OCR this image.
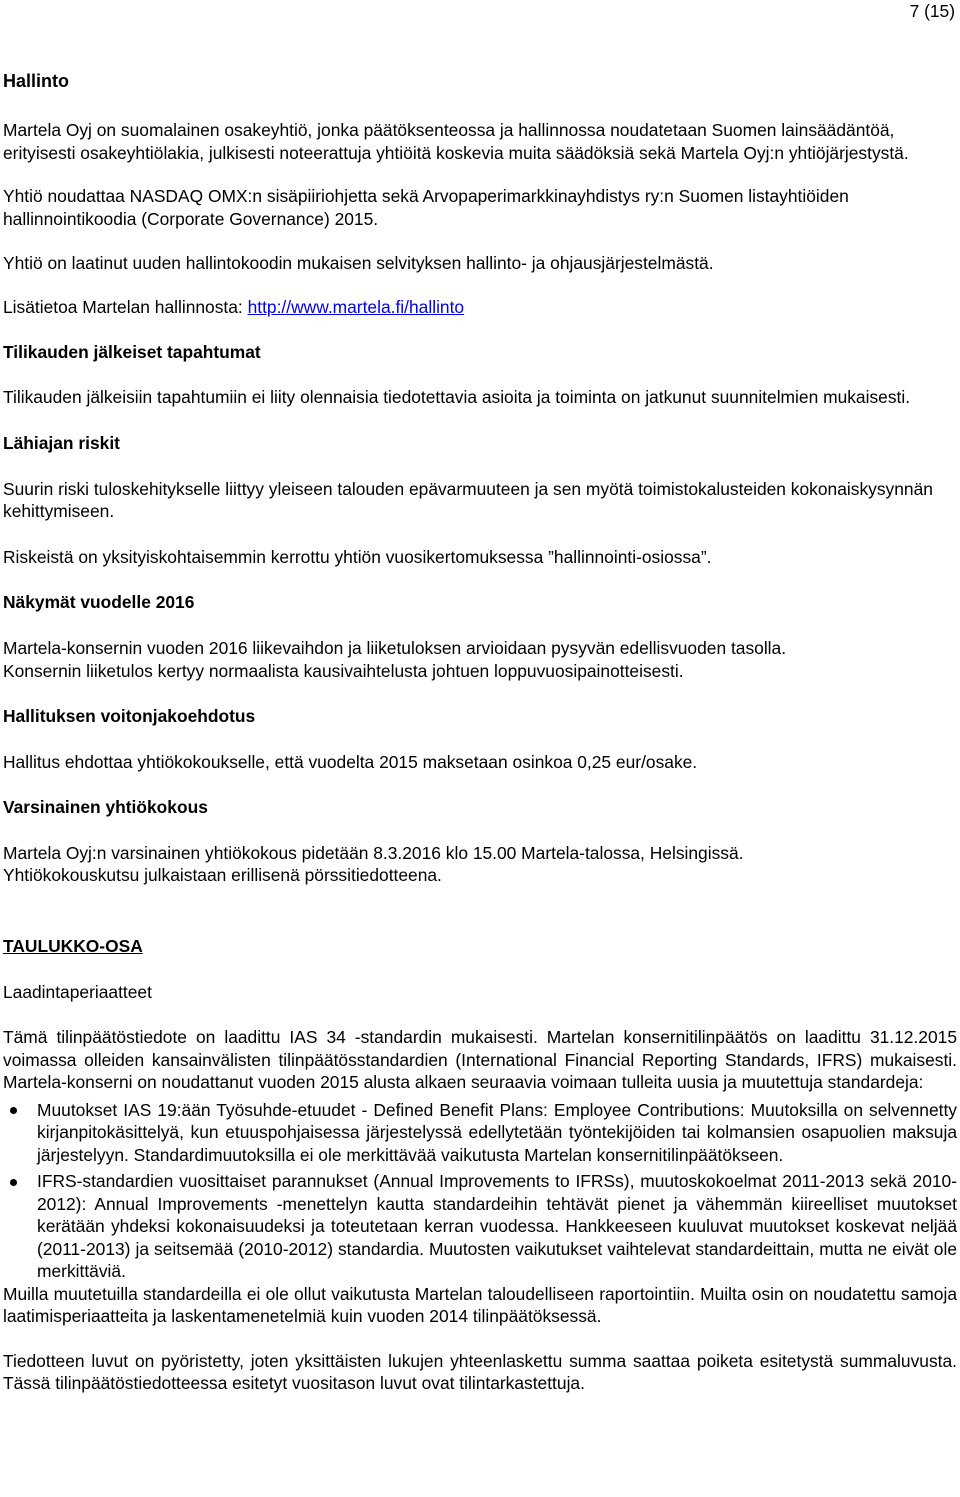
7 (15)
Hallinto

Martela Oyj on suomalainen osakeyhtiö, jonka päätöksenteossa ja hallinnossa noudatetaan Suomen lainsäädäntöä, erityisesti osakeyhtiölakia, julkisesti noteerattuja yhtiöitä koskevia muita säädöksiä sekä Martela Oyj:n yhtiöjärjestystä.

Yhtiö noudattaa NASDAQ OMX:n sisäpiiriohjetta sekä Arvopaperimarkkinayhdistys ry:n Suomen listayhtiöiden hallinnointikoodia (Corporate Governance) 2015.

Yhtiö on laatinut uuden hallintokoodin mukaisen selvityksen hallinto- ja ohjausjärjestelmästä.

Lisätietoa Martelan hallinnosta: http://www.martela.fi/hallinto

Tilikauden jälkeiset tapahtumat

Tilikauden jälkeisiin tapahtumiin ei liity olennaisia tiedotettavia asioita ja toiminta on jatkunut suunnitelmien mukaisesti.

Lähiajan riskit

Suurin riski tuloskehitykselle liittyy yleiseen talouden epävarmuuteen ja sen myötä toimistokalusteiden kokonaiskysynnän kehittymiseen.

Riskeistä on yksityiskohtaisemmin kerrottu yhtiön vuosikertomuksessa ”hallinnointi-osiossa”.

Näkymät vuodelle 2016

Martela-konsernin vuoden 2016 liikevaihdon ja liiketuloksen arvioidaan pysyvän edellisvuoden tasolla.

Konsernin liiketulos kertyy normaalista kausivaihtelusta johtuen loppuvuosipainotteisesti.

Hallituksen voitonjakoehdotus

Hallitus ehdottaa yhtiökokoukselle, että vuodelta 2015 maksetaan osinkoa 0,25 eur/osake.

Varsinainen yhtiökokous

Martela Oyj:n varsinainen yhtiökokous pidetään 8.3.2016 klo 15.00 Martela-talossa, Helsingissä.

Yhtiökokouskutsu julkaistaan erillisenä pörssitiedotteena.

TAULUKKO-OSA

Laadintaperiaatteet

Tämä tilinpäätöstiedote on laadittu IAS 34 -standardin mukaisesti. Martelan konsernitilinpäätös on laadittu 31.12.2015 voimassa olleiden kansainvälisten tilinpäätösstandardien (International Financial Reporting Standards, IFRS) mukaisesti. Martela-konserni on noudattanut vuoden 2015 alusta alkaen seuraavia voimaan tulleita uusia ja muutettuja standardeja:

Muutokset IAS 19:ään Työsuhde-etuudet - Defined Benefit Plans: Employee Contributions: Muutoksilla on selvennetty kirjanpitokäsittelyä, kun etuuspohjaisessa järjestelyssä edellytetään työntekijöiden tai kolmansien osapuolien maksuja järjestelyyn. Standardimuutoksilla ei ole merkittävää vaikutusta Martelan konsernitilinpäätökseen.
IFRS-standardien vuosittaiset parannukset (Annual Improvements to IFRSs), muutoskokoelmat 2011-2013 sekä 2010-2012): Annual Improvements -menettelyn kautta standardeihin tehtävät pienet ja vähemmän kiireelliset muutokset kerätään yhdeksi kokonaisuudeksi ja toteutetaan kerran vuodessa. Hankkeeseen kuuluvat muutokset koskevat neljää (2011-2013) ja seitsemää (2010-2012) standardia. Muutosten vaikutukset vaihtelevat standardeittain, mutta ne eivät ole merkittäviä.

Muilla muutetuilla standardeilla ei ole ollut vaikutusta Martelan taloudelliseen raportointiin. Muilta osin on noudatettu samoja laatimisperiaatteita ja laskentamenetelmiä kuin vuoden 2014 tilinpäätöksessä.

Tiedotteen luvut on pyöristetty, joten yksittäisten lukujen yhteenlaskettu summa saattaa poiketa esitetystä summaluvusta. Tässä tilinpäätöstiedotteessa esitetyt vuositason luvut ovat tilintarkastettuja.
